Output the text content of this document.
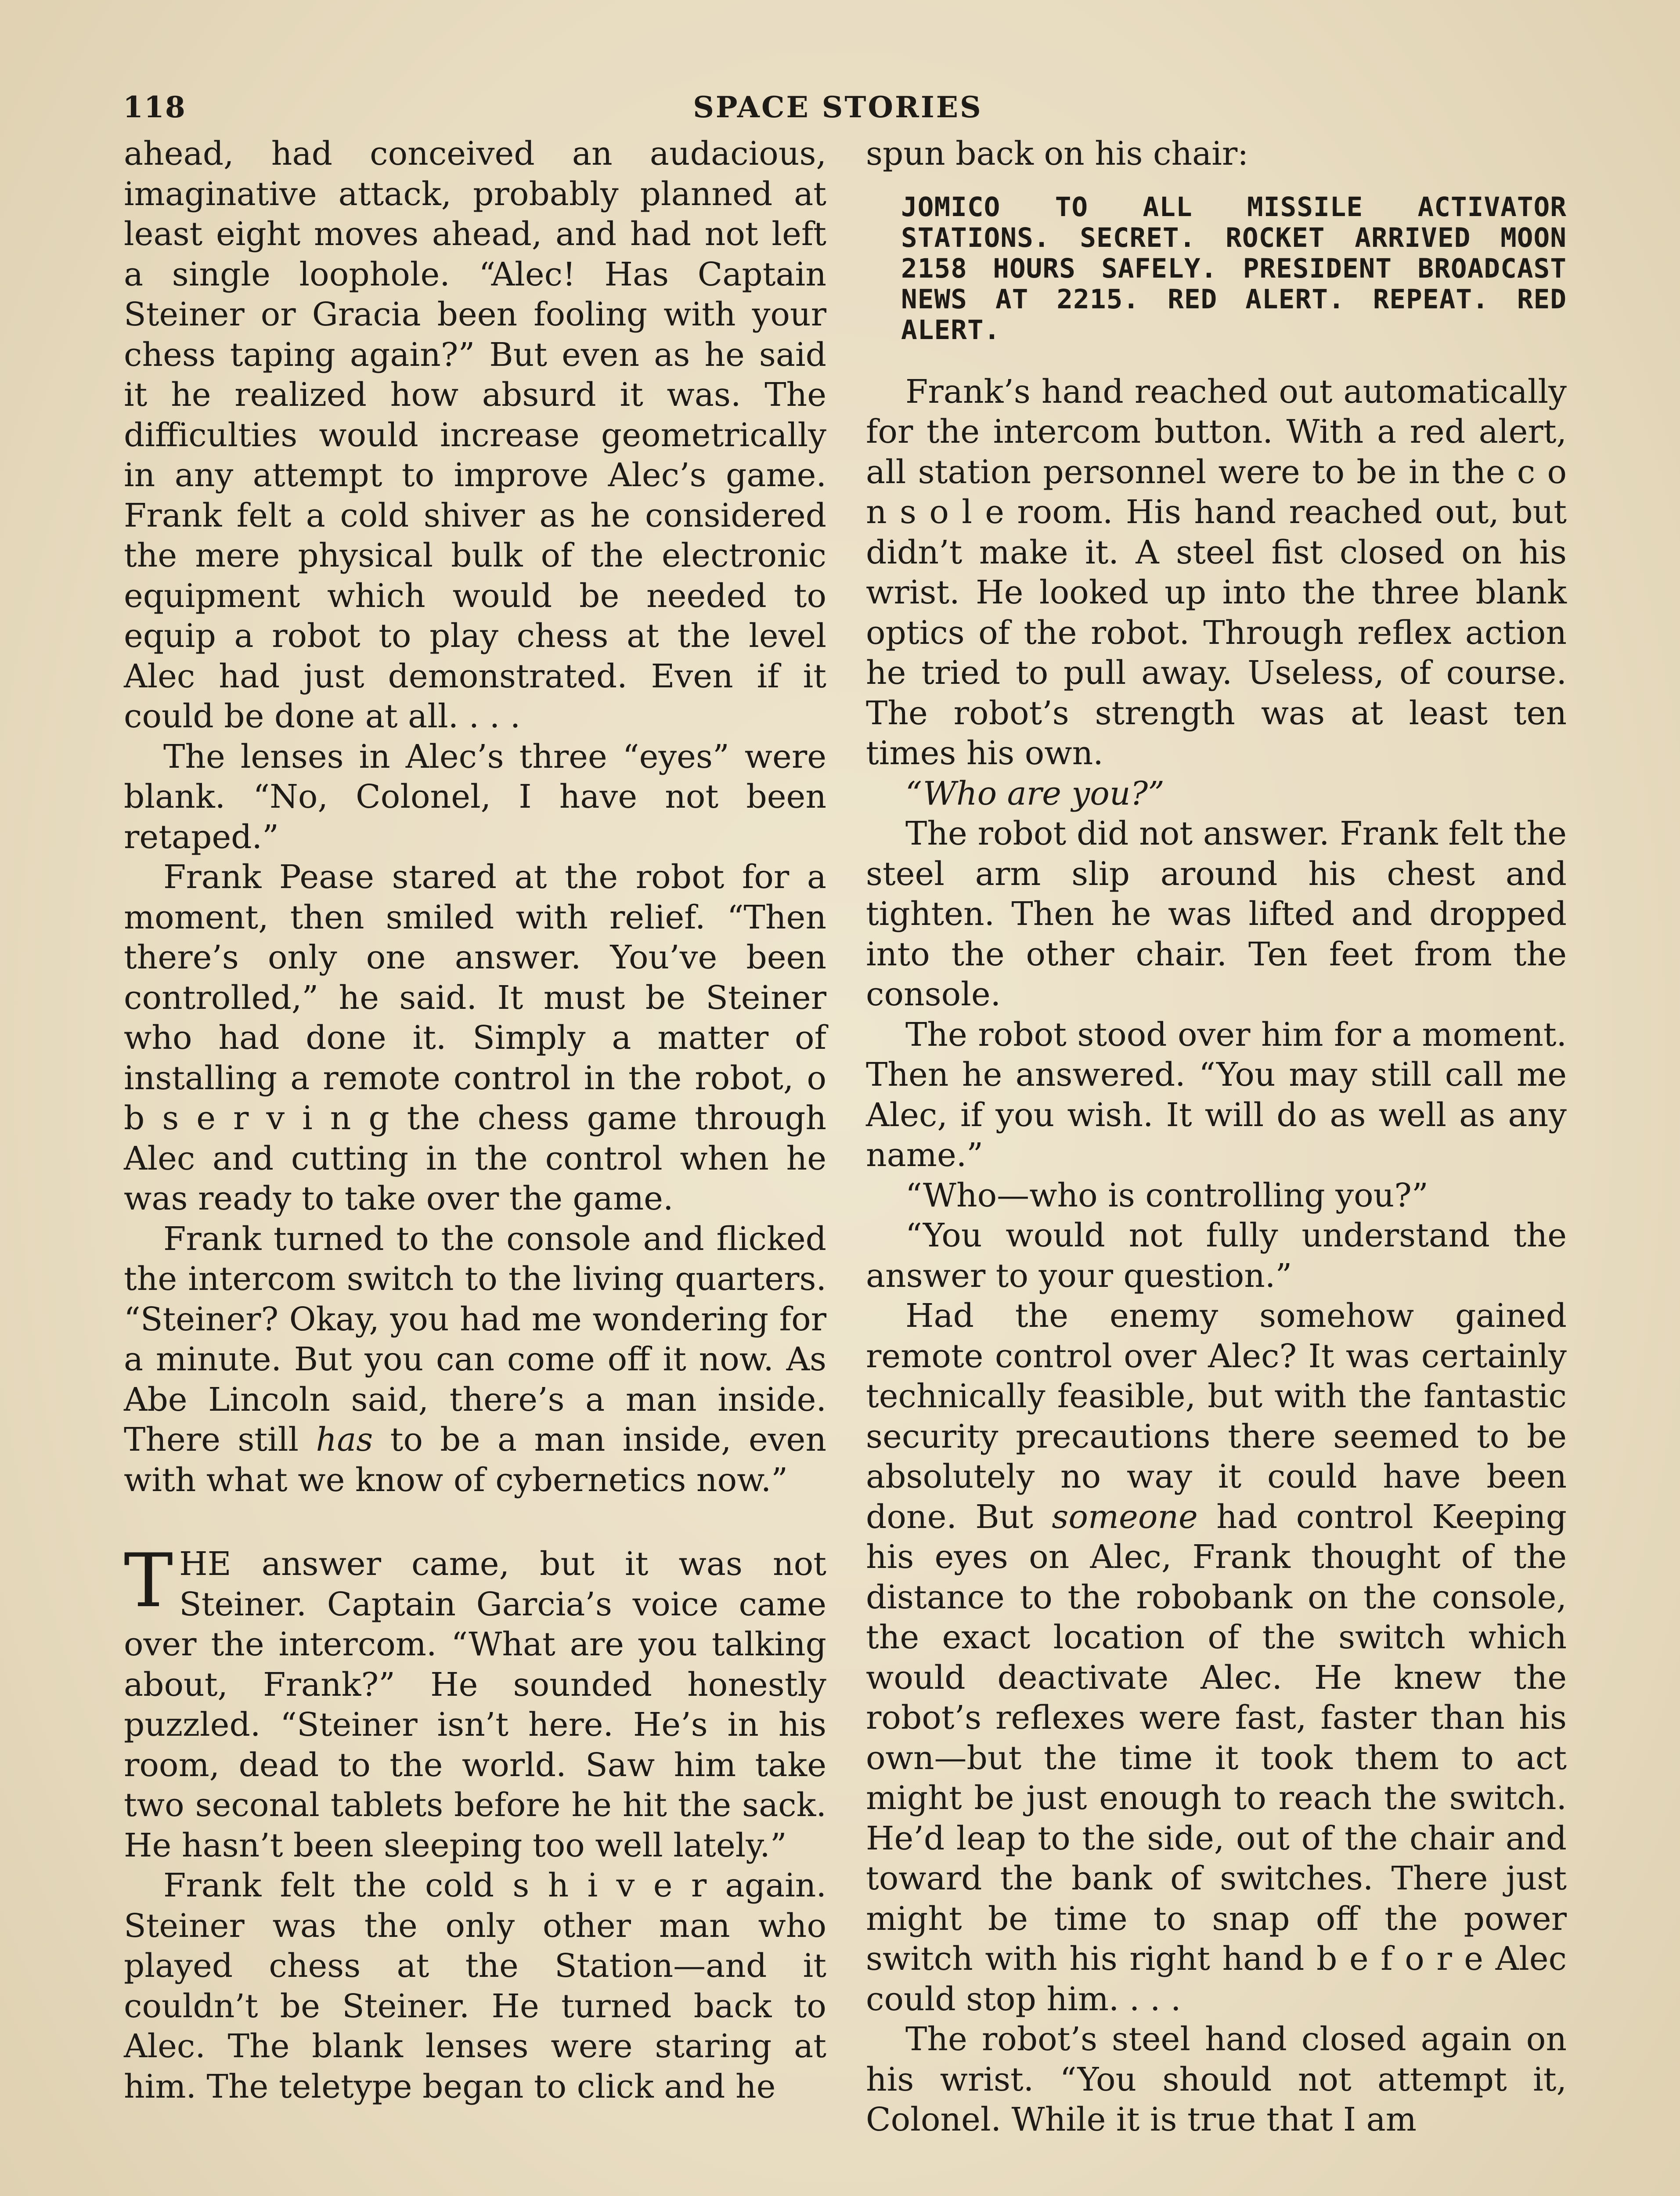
118	SPACE STORIES

ahead, had conceived an audacious, imaginative attack, probably planned at least eight moves ahead, and had not left a single loophole. “Alec! Has Captain Steiner or Gracia been fooling with your chess taping again?” But even as he said it he realized how absurd it was. The difficulties would increase geometrically in any attempt to improve Alec’s game. Frank felt a cold shiver as he considered the mere physical bulk of the electronic equipment which would be needed to equip a robot to play chess at the level Alec had just demonstrated. Even if it could be done at all. . . .

The lenses in Alec’s three “eyes” were blank. “No, Colonel, I have not been retaped.”

Frank Pease stared at the robot for a moment, then smiled with relief. “Then there’s only one answer. You’ve been controlled,” he said. It must be Steiner who had done it. Simply a matter of installing a remote control in the robot, o b s e r v i n g the chess game through Alec and cutting in the control when he was ready to take over the game.

Frank turned to the console and flicked the intercom switch to the living quarters. “Steiner? Okay, you had me wondering for a minute. But you can come off it now. As Abe Lincoln said, there’s a man inside. There still has to be a man inside, even with what we know of cybernetics now.”

THE answer came, but it was not Steiner. Captain Garcia’s voice came over the intercom. “What are you talking about, Frank?” He sounded honestly puzzled. “Steiner isn’t here. He’s in his room, dead to the world. Saw him take two seconal tablets before he hit the sack. He hasn’t been sleeping too well lately.”

Frank felt the cold s h i v e r again. Steiner was the only other man who played chess at the Station—and it couldn’t be Steiner. He turned back to Alec. The blank lenses were staring at him. The teletype began to click and he

spun back on his chair:

JOMICO TO ALL MISSILE ACTIVATOR STATIONS. SECRET. ROCKET ARRIVED MOON 2158 HOURS SAFELY. PRESIDENT BROADCAST NEWS AT 2215. RED ALERT. REPEAT. RED ALERT.

Frank’s hand reached out automatically for the intercom button. With a red alert, all station personnel were to be in the c o n s o l e room. His hand reached out, but didn’t make it. A steel fist closed on his wrist. He looked up into the three blank optics of the robot. Through reflex action he tried to pull away. Useless, of course. The robot’s strength was at least ten times his own.

“Who are you?”

The robot did not answer. Frank felt the steel arm slip around his chest and tighten. Then he was lifted and dropped into the other chair. Ten feet from the console.

The robot stood over him for a moment. Then he answered. “You may still call me Alec, if you wish. It will do as well as any name.”

“Who—who is controlling you?”

“You would not fully understand the answer to your question.”

Had the enemy somehow gained remote control over Alec? It was certainly technically feasible, but with the fantastic security precautions there seemed to be absolutely no way it could have been done. But someone had control Keeping his eyes on Alec, Frank thought of the distance to the robobank on the console, the exact location of the switch which would deactivate Alec. He knew the robot’s reflexes were fast, faster than his own—but the time it took them to act might be just enough to reach the switch. He’d leap to the side, out of the chair and toward the bank of switches. There just might be time to snap off the power switch with his right hand b e f o r e Alec could stop him. . . .

The robot’s steel hand closed again on his wrist. “You should not attempt it, Colonel. While it is true that I am
